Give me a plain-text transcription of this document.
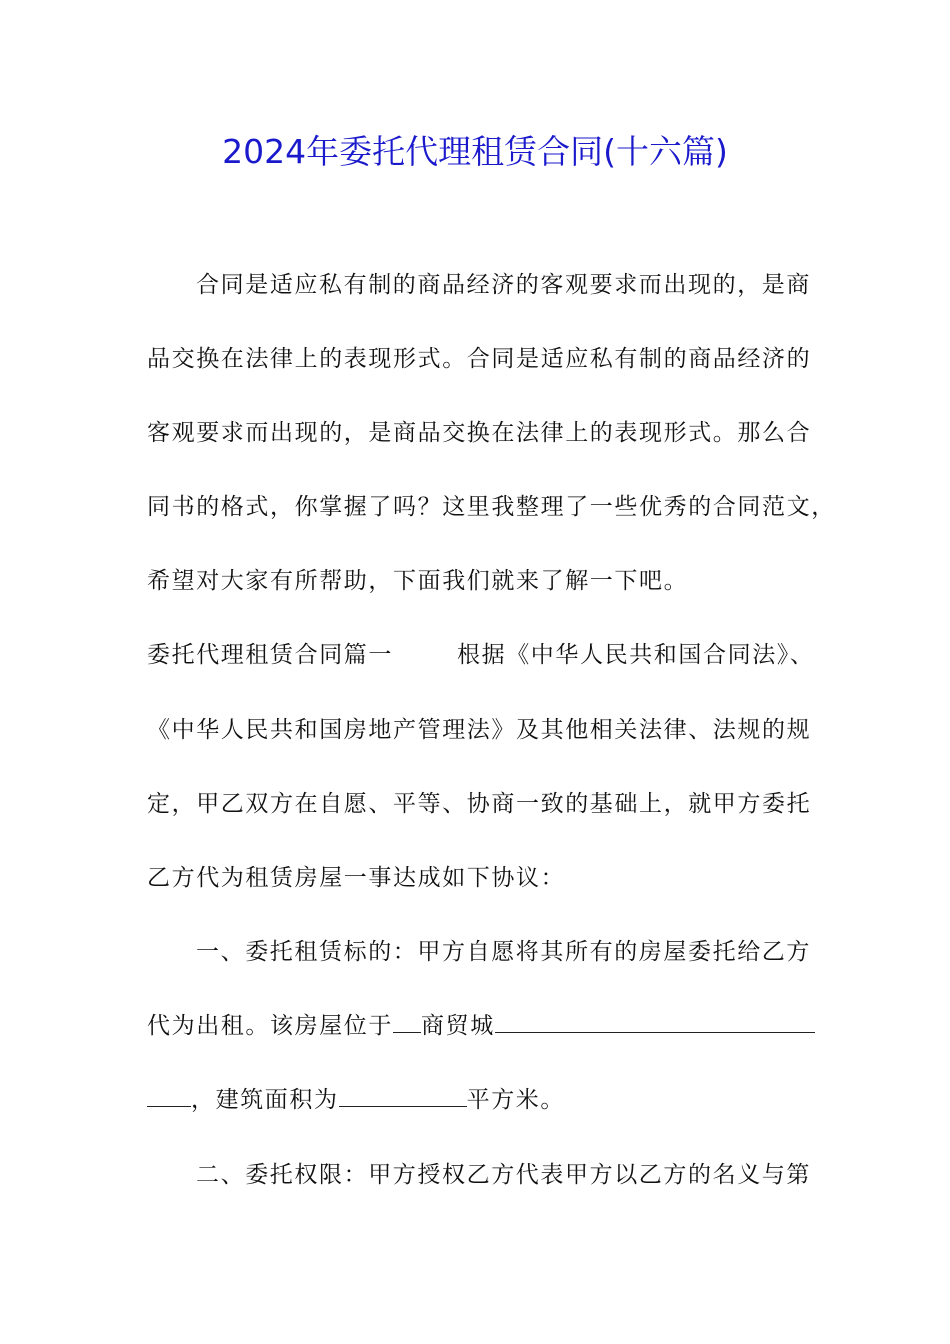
2024年委托代理租赁合同(十六篇)
合同是适应私有制的商品经济的客观要求而出现的，是商
品交换在法律上的表现形式。合同是适应私有制的商品经济的
客观要求而出现的，是商品交换在法律上的表现形式。那么合
同书的格式，你掌握了吗？这里我整理了一些优秀的合同范文，
希望对大家有所帮助，下面我们就来了解一下吧。
委托代理租赁合同篇一	根据《中华人民共和国合同法》、
《中华人民共和国房地产管理法》及其他相关法律、法规的规
定，甲乙双方在自愿、平等、协商一致的基础上，就甲方委托
乙方代为租赁房屋一事达成如下协议：
一、委托租赁标的：甲方自愿将其所有的房屋委托给乙方
代为出租。该房屋位于 商贸城
，建筑面积为	平方米。
二、委托权限：甲方授权乙方代表甲方以乙方的名义与第
